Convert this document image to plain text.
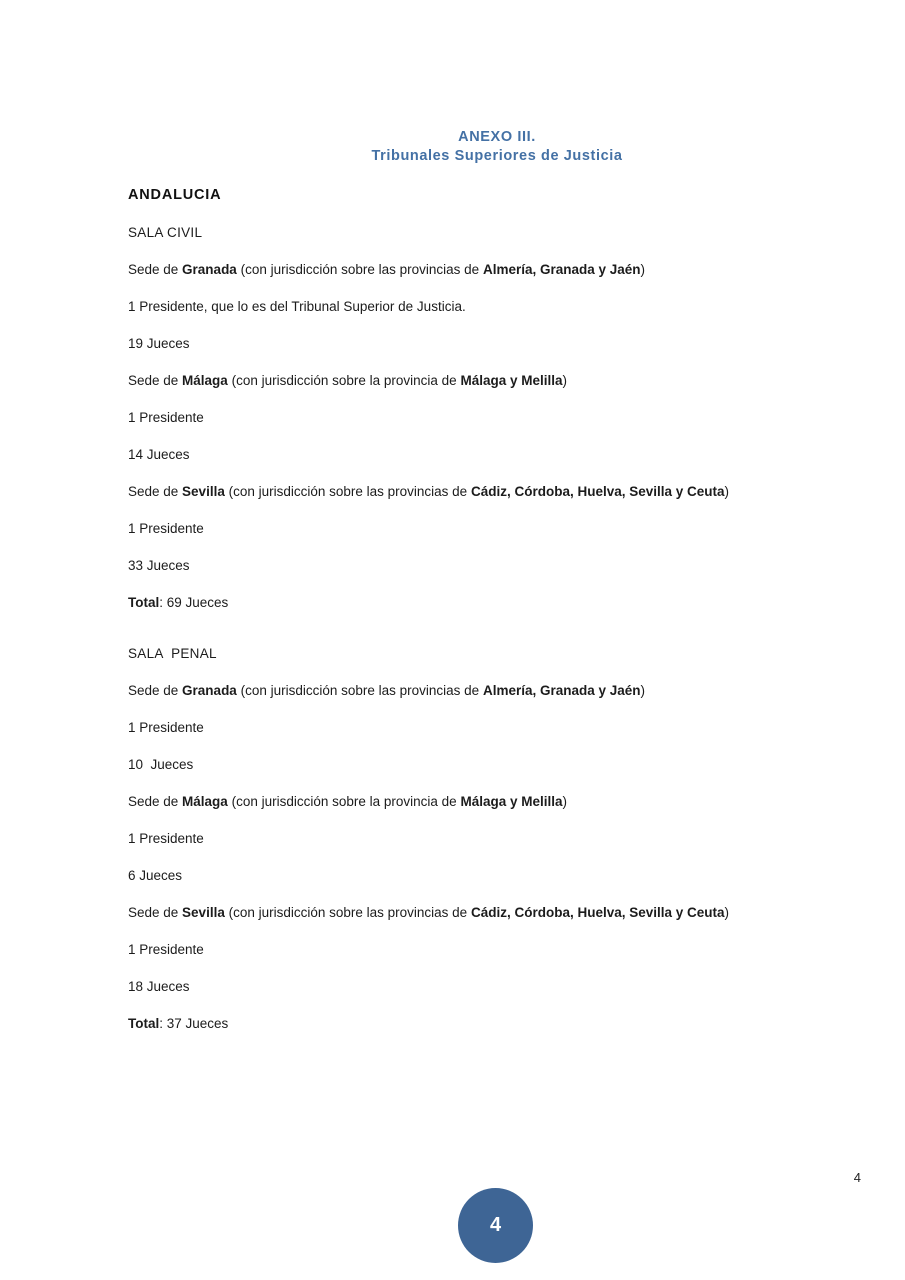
ANEXO III.
Tribunales Superiores de Justicia
ANDALUCIA

SALA CIVIL

Sede de Granada (con jurisdicción sobre las provincias de Almería, Granada y Jaén)

1 Presidente, que lo es del Tribunal Superior de Justicia.

19 Jueces

Sede de Málaga (con jurisdicción sobre la provincia de Málaga y Melilla)

1 Presidente

14 Jueces

Sede de Sevilla (con jurisdicción sobre las provincias de Cádiz, Córdoba, Huelva, Sevilla y Ceuta)

1 Presidente

33 Jueces

Total: 69 Jueces

SALA  PENAL

Sede de Granada (con jurisdicción sobre las provincias de Almería, Granada y Jaén)

1 Presidente

10  Jueces

Sede de Málaga (con jurisdicción sobre la provincia de Málaga y Melilla)

1 Presidente

6 Jueces

Sede de Sevilla (con jurisdicción sobre las provincias de Cádiz, Córdoba, Huelva, Sevilla y Ceuta)

1 Presidente

18 Jueces

Total: 37 Jueces

4
4
